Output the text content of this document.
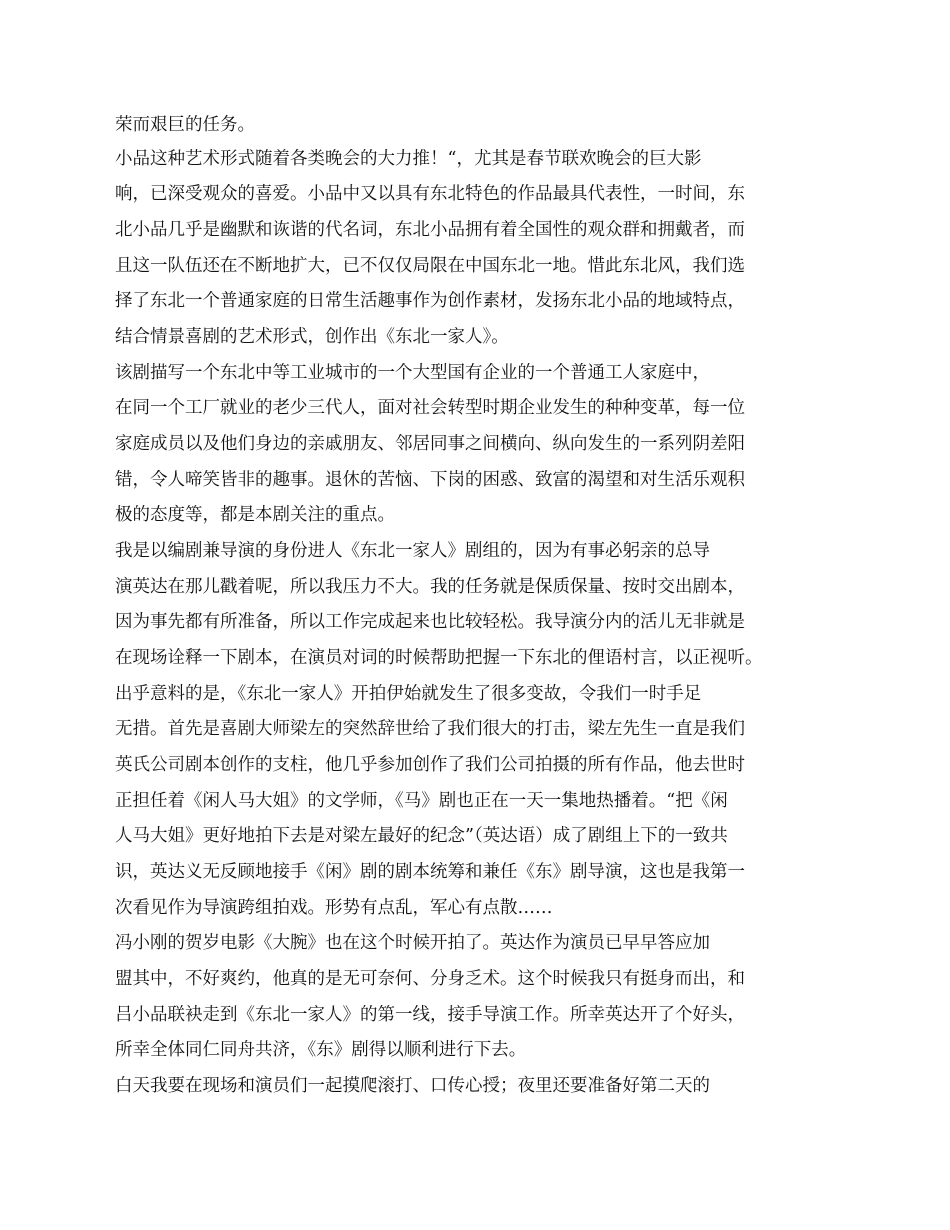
荣而艰巨的任务。

小品这种艺术形式随着各类晚会的大力推！“，尤其是春节联欢晚会的巨大影

响，已深受观众的喜爱。小品中又以具有东北特色的作品最具代表性，一时间，东

北小品几乎是幽默和诙谐的代名词，东北小品拥有着全国性的观众群和拥戴者，而

且这一队伍还在不断地扩大，已不仅仅局限在中国东北一地。惜此东北风，我们选

择了东北一个普通家庭的日常生活趣事作为创作素材，发扬东北小品的地域特点，

结合情景喜剧的艺术形式，创作出《东北一家人》。

该剧描写一个东北中等工业城市的一个大型国有企业的一个普通工人家庭中，

在同一个工厂就业的老少三代人，面对社会转型时期企业发生的种种变革，每一位

家庭成员以及他们身边的亲戚朋友、邻居同事之间横向、纵向发生的一系列阴差阳

错，令人啼笑皆非的趣事。退休的苦恼、下岗的困惑、致富的渴望和对生活乐观积

极的态度等，都是本剧关注的重点。

我是以编剧兼导演的身份进人《东北一家人》剧组的，因为有事必躬亲的总导

演英达在那儿戳着呢，所以我压力不大。我的任务就是保质保量、按时交出剧本，

因为事先都有所准备，所以工作完成起来也比较轻松。我导演分内的活儿无非就是

在现场诠释一下剧本，在演员对词的时候帮助把握一下东北的俚语村言，以正视听。

出乎意料的是，《东北一家人》开拍伊始就发生了很多变故，令我们一时手足

无措。首先是喜剧大师梁左的突然辞世给了我们很大的打击，梁左先生一直是我们

英氏公司剧本创作的支柱，他几乎参加创作了我们公司拍摄的所有作品，他去世时

正担任着《闲人马大姐》的文学师，《马》剧也正在一天一集地热播着。“把《闲

人马大姐》更好地拍下去是对梁左最好的纪念”（英达语）成了剧组上下的一致共

识，英达义无反顾地接手《闲》剧的剧本统筹和兼任《东》剧导演，这也是我第一

次看见作为导演跨组拍戏。形势有点乱，军心有点散……

冯小刚的贺岁电影《大腕》也在这个时候开拍了。英达作为演员已早早答应加

盟其中，不好爽约，他真的是无可奈何、分身乏术。这个时候我只有挺身而出，和

吕小品联袂走到《东北一家人》的第一线，接手导演工作。所幸英达开了个好头，

所幸全体同仁同舟共济，《东》剧得以顺利进行下去。

白天我要在现场和演员们一起摸爬滚打、口传心授；夜里还要准备好第二天的
